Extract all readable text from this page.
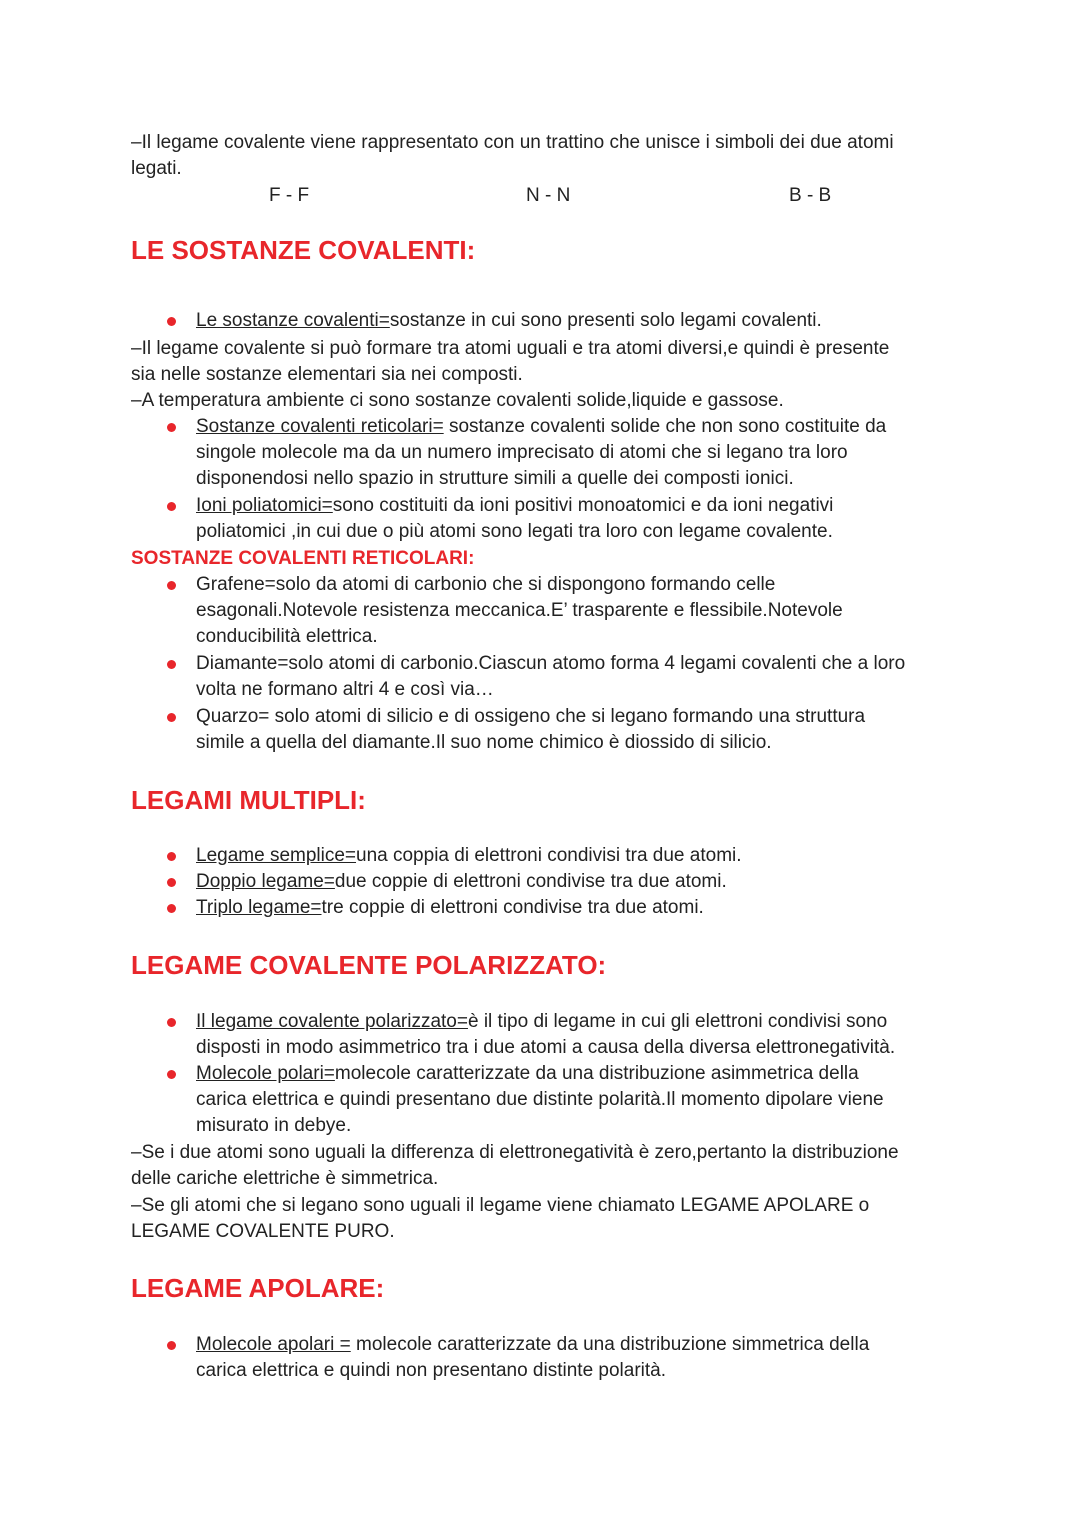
–Il legame covalente viene rappresentato con un trattino che unisce i simboli dei due atomi
legati.
F - F	N - N	B - B
LE SOSTANZE COVALENTI:
Le sostanze covalenti=sostanze in cui sono presenti solo legami covalenti.
–Il legame covalente si può formare tra atomi uguali e tra atomi diversi,e quindi è presente
sia nelle sostanze elementari sia nei composti.
–A temperatura ambiente ci sono sostanze covalenti solide,liquide e gassose.
Sostanze covalenti reticolari= sostanze covalenti solide che non sono costituite da
singole molecole ma da un numero imprecisato di atomi che si legano tra loro
disponendosi nello spazio in strutture simili a quelle dei composti ionici.
Ioni poliatomici=sono costituiti da ioni positivi monoatomici e da ioni negativi
poliatomici ,in cui due o più atomi sono legati tra loro con legame covalente.
SOSTANZE COVALENTI RETICOLARI:
Grafene=solo da atomi di carbonio che si dispongono formando celle
esagonali.Notevole resistenza meccanica.E’ trasparente e flessibile.Notevole
conducibilità elettrica.
Diamante=solo atomi di carbonio.Ciascun atomo forma 4 legami covalenti che a loro
volta ne formano altri 4 e così via…
Quarzo= solo atomi di silicio e di ossigeno che si legano formando una struttura
simile a quella del diamante.Il suo nome chimico è diossido di silicio.
LEGAMI MULTIPLI:
Legame semplice=una coppia di elettroni condivisi tra due atomi.
Doppio legame=due coppie di elettroni condivise tra due atomi.
Triplo legame=tre coppie di elettroni condivise tra due atomi.
LEGAME COVALENTE POLARIZZATO:
Il legame covalente polarizzato=è il tipo di legame in cui gli elettroni condivisi sono
disposti in modo asimmetrico tra i due atomi a causa della diversa elettronegatività.
Molecole polari=molecole caratterizzate da una distribuzione asimmetrica della
carica elettrica e quindi presentano due distinte polarità.Il momento dipolare viene
misurato in debye.
–Se i due atomi sono uguali la differenza di elettronegatività è zero,pertanto la distribuzione
delle cariche elettriche è simmetrica.
–Se gli atomi che si legano sono uguali il legame viene chiamato LEGAME APOLARE o
LEGAME COVALENTE PURO.
LEGAME APOLARE:
Molecole apolari = molecole caratterizzate da una distribuzione simmetrica della
carica elettrica e quindi non presentano distinte polarità.
